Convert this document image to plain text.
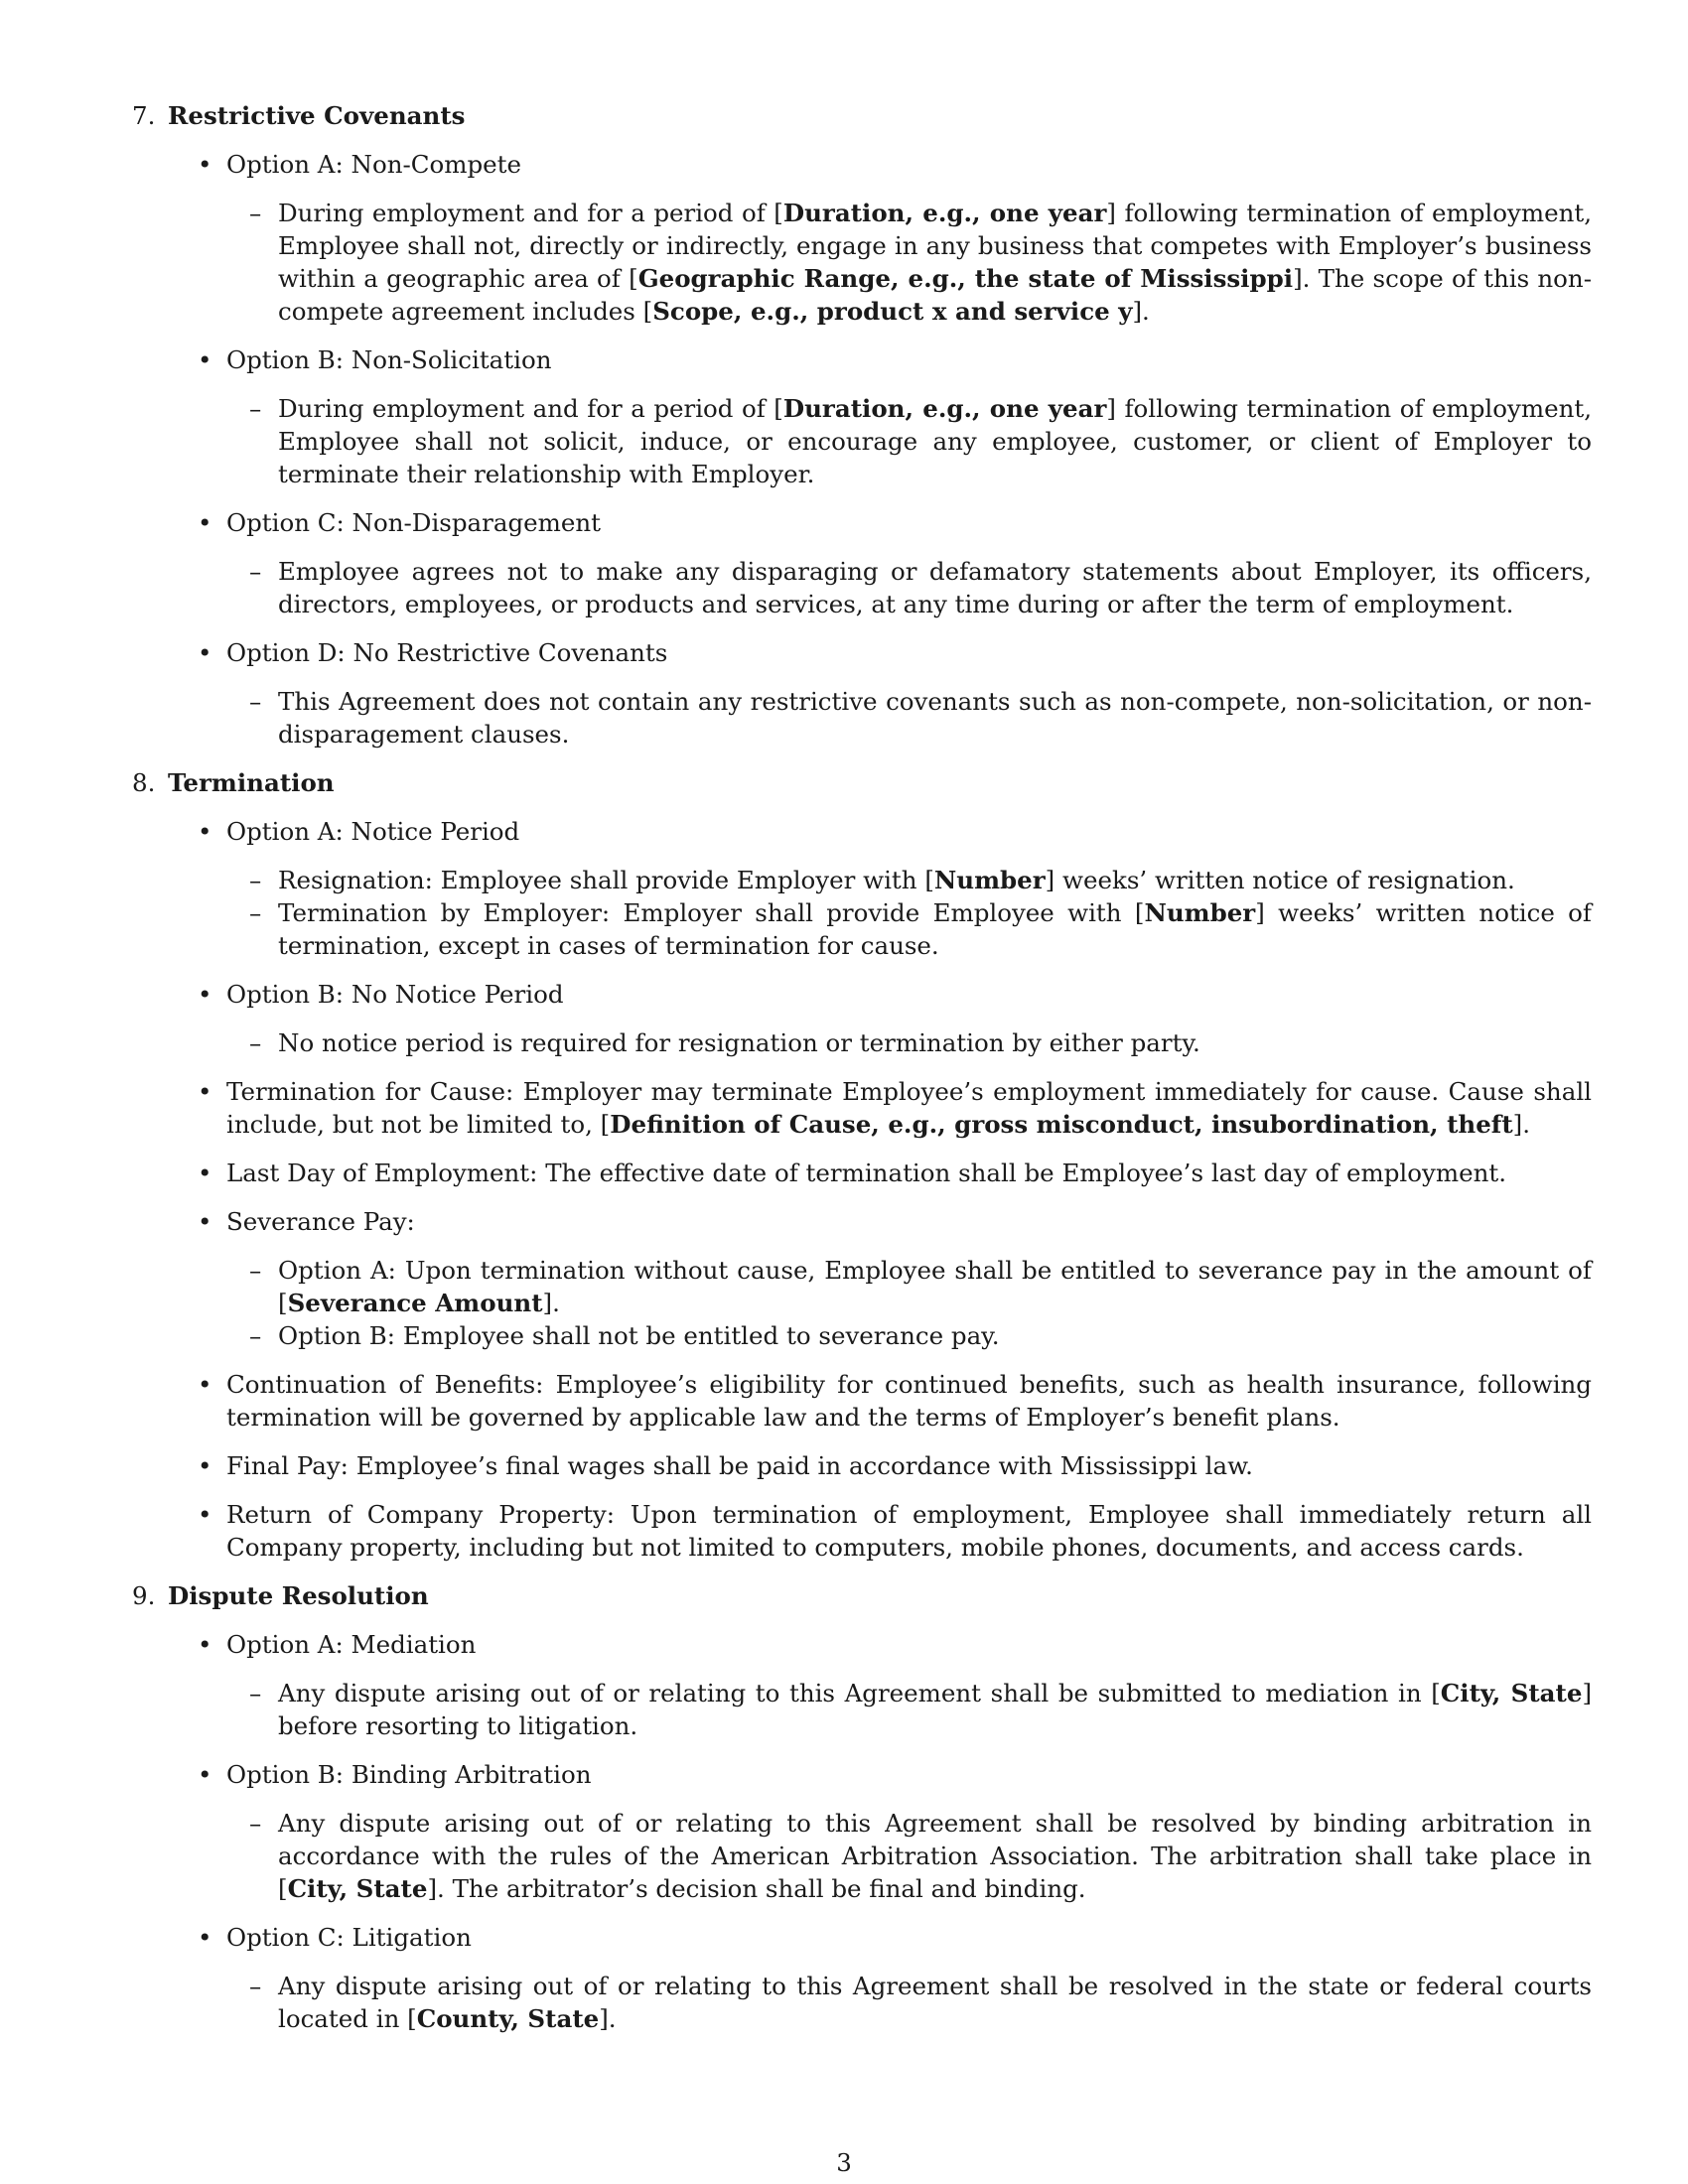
7. Restrictive Covenants
• Option A: Non-Compete
– During employment and for a period of [Duration, e.g., one year] following termination of employment, Employee shall not, directly or indirectly, engage in any business that competes with Employer’s business within a geographic area of [Geographic Range, e.g., the state of Mississippi]. The scope of this non-compete agreement includes [Scope, e.g., product x and service y].
• Option B: Non-Solicitation
– During employment and for a period of [Duration, e.g., one year] following termination of employment, Employee shall not solicit, induce, or encourage any employee, customer, or client of Employer to terminate their relationship with Employer.
• Option C: Non-Disparagement
– Employee agrees not to make any disparaging or defamatory statements about Employer, its officers, directors, employees, or products and services, at any time during or after the term of employment.
• Option D: No Restrictive Covenants
– This Agreement does not contain any restrictive covenants such as non-compete, non-solicitation, or non-disparagement clauses.
8. Termination
• Option A: Notice Period
– Resignation: Employee shall provide Employer with [Number] weeks’ written notice of resignation.
– Termination by Employer: Employer shall provide Employee with [Number] weeks’ written notice of termination, except in cases of termination for cause.
• Option B: No Notice Period
– No notice period is required for resignation or termination by either party.
• Termination for Cause: Employer may terminate Employee’s employment immediately for cause. Cause shall include, but not be limited to, [Definition of Cause, e.g., gross misconduct, insubordination, theft].
• Last Day of Employment: The effective date of termination shall be Employee’s last day of employment.
• Severance Pay:
– Option A: Upon termination without cause, Employee shall be entitled to severance pay in the amount of [Severance Amount].
– Option B: Employee shall not be entitled to severance pay.
• Continuation of Benefits: Employee’s eligibility for continued benefits, such as health insurance, following termination will be governed by applicable law and the terms of Employer’s benefit plans.
• Final Pay: Employee’s final wages shall be paid in accordance with Mississippi law.
• Return of Company Property: Upon termination of employment, Employee shall immediately return all Company property, including but not limited to computers, mobile phones, documents, and access cards.
9. Dispute Resolution
• Option A: Mediation
– Any dispute arising out of or relating to this Agreement shall be submitted to mediation in [City, State] before resorting to litigation.
• Option B: Binding Arbitration
– Any dispute arising out of or relating to this Agreement shall be resolved by binding arbitration in accordance with the rules of the American Arbitration Association. The arbitration shall take place in [City, State]. The arbitrator’s decision shall be final and binding.
• Option C: Litigation
– Any dispute arising out of or relating to this Agreement shall be resolved in the state or federal courts located in [County, State].
3
